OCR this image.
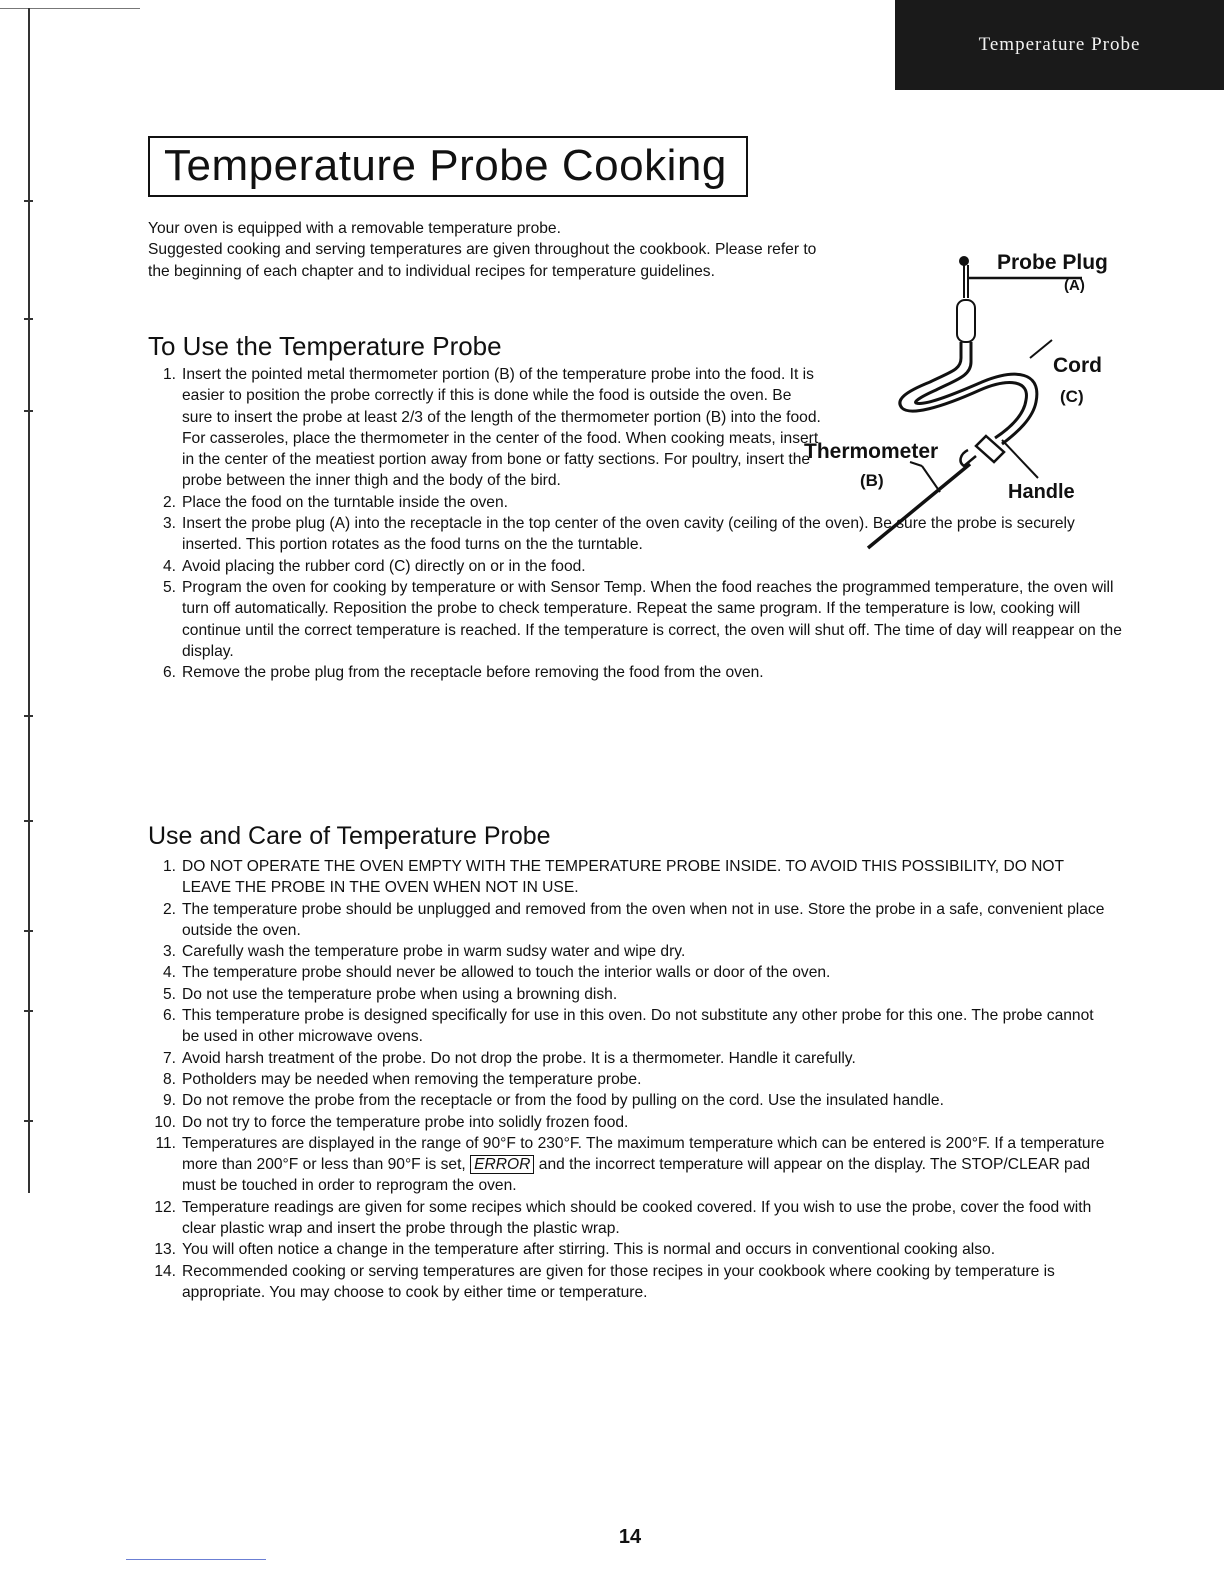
Temperature Probe
Temperature Probe Cooking

Your oven is equipped with a removable temperature probe.

Suggested cooking and serving temperatures are given throughout the cookbook. Please refer to the beginning of each chapter and to individual recipes for temperature guidelines.

To Use the Temperature Probe
1. Insert the pointed metal thermometer portion (B) of the temperature probe into the food. It is easier to position the probe correctly if this is done while the food is outside the oven. Be sure to insert the probe at least 2/3 of the length of the thermometer portion (B) into the food. For casseroles, place the thermometer in the center of the food. When cooking meats, insert in the center of the meatiest portion away from bone or fatty sections. For poultry, insert the probe between the inner thigh and the body of the bird.
2. Place the food on the turntable inside the oven.
3. Insert the probe plug (A) into the receptacle in the top center of the oven cavity (ceiling of the oven). Be sure the probe is securely inserted. This portion rotates as the food turns on the the turntable.
4. Avoid placing the rubber cord (C) directly on or in the food.
5. Program the oven for cooking by temperature or with Sensor Temp. When the food reaches the programmed temperature, the oven will turn off automatically. Reposition the probe to check temperature. Repeat the same program. If the temperature is low, cooking will continue until the correct temperature is reached. If the temperature is correct, the oven will shut off. The time of day will reappear on the display.
6. Remove the probe plug from the receptacle before removing the food from the oven.
Probe Plug
(A)
Cord
(C)
Thermometer
(B)
Handle
Use and Care of Temperature Probe
1. DO NOT OPERATE THE OVEN EMPTY WITH THE TEMPERATURE PROBE INSIDE. TO AVOID THIS POSSIBILITY, DO NOT LEAVE THE PROBE IN THE OVEN WHEN NOT IN USE.
2. The temperature probe should be unplugged and removed from the oven when not in use. Store the probe in a safe, convenient place outside the oven.
3. Carefully wash the temperature probe in warm sudsy water and wipe dry.
4. The temperature probe should never be allowed to touch the interior walls or door of the oven.
5. Do not use the temperature probe when using a browning dish.
6. This temperature probe is designed specifically for use in this oven. Do not substitute any other probe for this one. The probe cannot be used in other microwave ovens.
7. Avoid harsh treatment of the probe. Do not drop the probe. It is a thermometer. Handle it carefully.
8. Potholders may be needed when removing the temperature probe.
9. Do not remove the probe from the receptacle or from the food by pulling on the cord. Use the insulated handle.
10. Do not try to force the temperature probe into solidly frozen food.
11. Temperatures are displayed in the range of 90°F to 230°F. The maximum temperature which can be entered is 200°F. If a temperature more than 200°F or less than 90°F is set, ERROR and the incorrect temperature will appear on the display. The STOP/CLEAR pad must be touched in order to reprogram the oven.
12. Temperature readings are given for some recipes which should be cooked covered. If you wish to use the probe, cover the food with clear plastic wrap and insert the probe through the plastic wrap.
13. You will often notice a change in the temperature after stirring. This is normal and occurs in conventional cooking also.
14. Recommended cooking or serving temperatures are given for those recipes in your cookbook where cooking by temperature is appropriate. You may choose to cook by either time or temperature.
14
